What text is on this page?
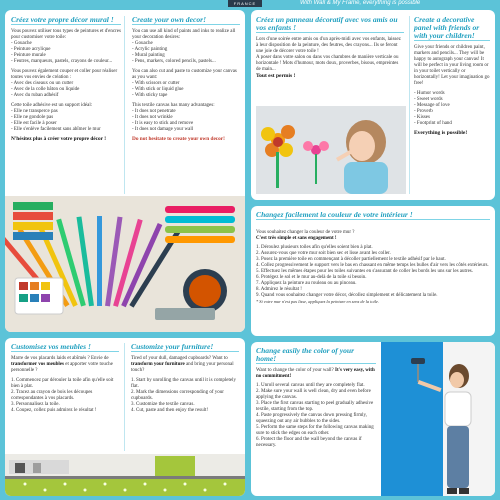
FRANCE	With Wall & My Frame, everything is possible

Créez votre propre décor mural !

Vous pouvez utiliser tous types de peintures et d'encres pour customiser votre toile:
- Gouache
- Peinture acrylique
- Peinture murale
- Feutres, marqueurs, pastels, crayons de couleur...

Vous pouvez également couper et coller pour réaliser toutes vos envies de création :
- Avec des ciseaux ou un cutter
- Avec de la colle bâton ou liquide
- Avec du ruban adhésif

Cette toile adhésive est un support idéal:
- Elle ne transperce pas
- Elle ne gondole pas
- Elle est facile à poser
- Elle s'enlève facilement sans abîmer le mur

N'hésitez plus à créer votre propre décor !

Create your own decor!

You can use all kind of paints and inks to realize all your decoration desires:
- Gouache
- Acrylic painting
- Mural painting
- Pens, markers, colored pencils, pastels...

You can also cut and paste to customize your canvas as you want:
- With scissors or cutter
- With stick or liquid glue
- With sticky tape

This textile canvas has many advantages:
- It does not penetrate
- It does not wrinkle
- It is easy to stick and remove
- It does not damage your wall

Do not hesitate to create your own decor!

Créez un panneau décoratif avec vos amis ou vos enfants !

Lors d'une soirée entre amis ou d'un après-midi avec vos enfants, laissez à leur disposition de la peinture, des feutres, des crayons... Ils se feront une joie de décorer votre toile !
A poser dans votre salon ou dans vos chambres de manière verticale ou horizontale ! Mots d'humour, mots doux, proverbes, bisous, empreintes de main...

Tout est permis !

Create a decorative panel with friends or with your children!

Give your friends or children paint, markers and pencils... They will be happy to autograph your canvas! It will be perfect in your living room or in your toilet vertically or horizontally! Let your imagination go free!

- Humor words
- Sweet words
- Message of love
- Proverb
- Kisses
- Footprint of hand

Everything is possible!

Changez facilement la couleur de votre intérieur !

Vous souhaitez changer la couleur de votre mur ?
C'est très simple et sans engagement !

1. Déroulez plusieurs toiles afin qu'elles soient bien à plat.
2. Assurez-vous que votre mur soit bien sec et lisse avant les coller.
3. Posez la première toile en commençant à décoller partiellement le textile adhésif par le haut.
4. Collez progressivement le support vers le bas en chassant en même temps les bulles d'air vers les côtés extérieurs.
5. Effectuez les mêmes étapes pour les toiles suivantes en s'assurant de coller les bords les uns sur les autres.
6. Protégez le sol et le mur au-delà de la toile si besoin.
7. Appliquez la peinture au rouleau ou au pinceau.
8. Admirez le résultat !
9. Quand vous souhaitez changer votre décor, décollez simplement et délicatement la toile.

* Si votre mur n'est pas lisse, appliquez la peinture en sens de la toile.

Customisez vos meubles !

Marre de vos placards laids et abîmés ? Envie de transformer vos meubles et apporter votre touche personnelle ?

1. Commencez par dérouler la toile afin qu'elle soit bien à plat.
2. Tracez au crayon de bois les découpes correspondantes à vos placards.
3. Personnalisez la toile.
4. Coupez, collez puis admirez le résultat !

Customize your furniture!

Tired of your dull, damaged cupboards? Want to transform your furniture and bring your personal touch?

1. Start by unrolling the canvas until it is completely flat.
2. Mark the dimensions corresponding of your cupboards.
3. Customize the textile canvas.
4. Cut, paste and then enjoy the result!

Change easily the color of your home!

Want to change the color of your wall? It's very easy, with no commitment!

1. Unroll several canvas until they are completely flat.
2. Make sure your wall is well clean, dry and even before applying the canvas.
3. Place the first canvas starting to peel gradually adhesive textile, starting from the top.
4. Paste progressively the canvas down pressing firmly, squeezing out any air bubbles to the sides.
5. Perform the same steps for the following canvas making sure to stick the edges on each other.
6. Protect the floor and the wall beyond the canvas if necessary.
